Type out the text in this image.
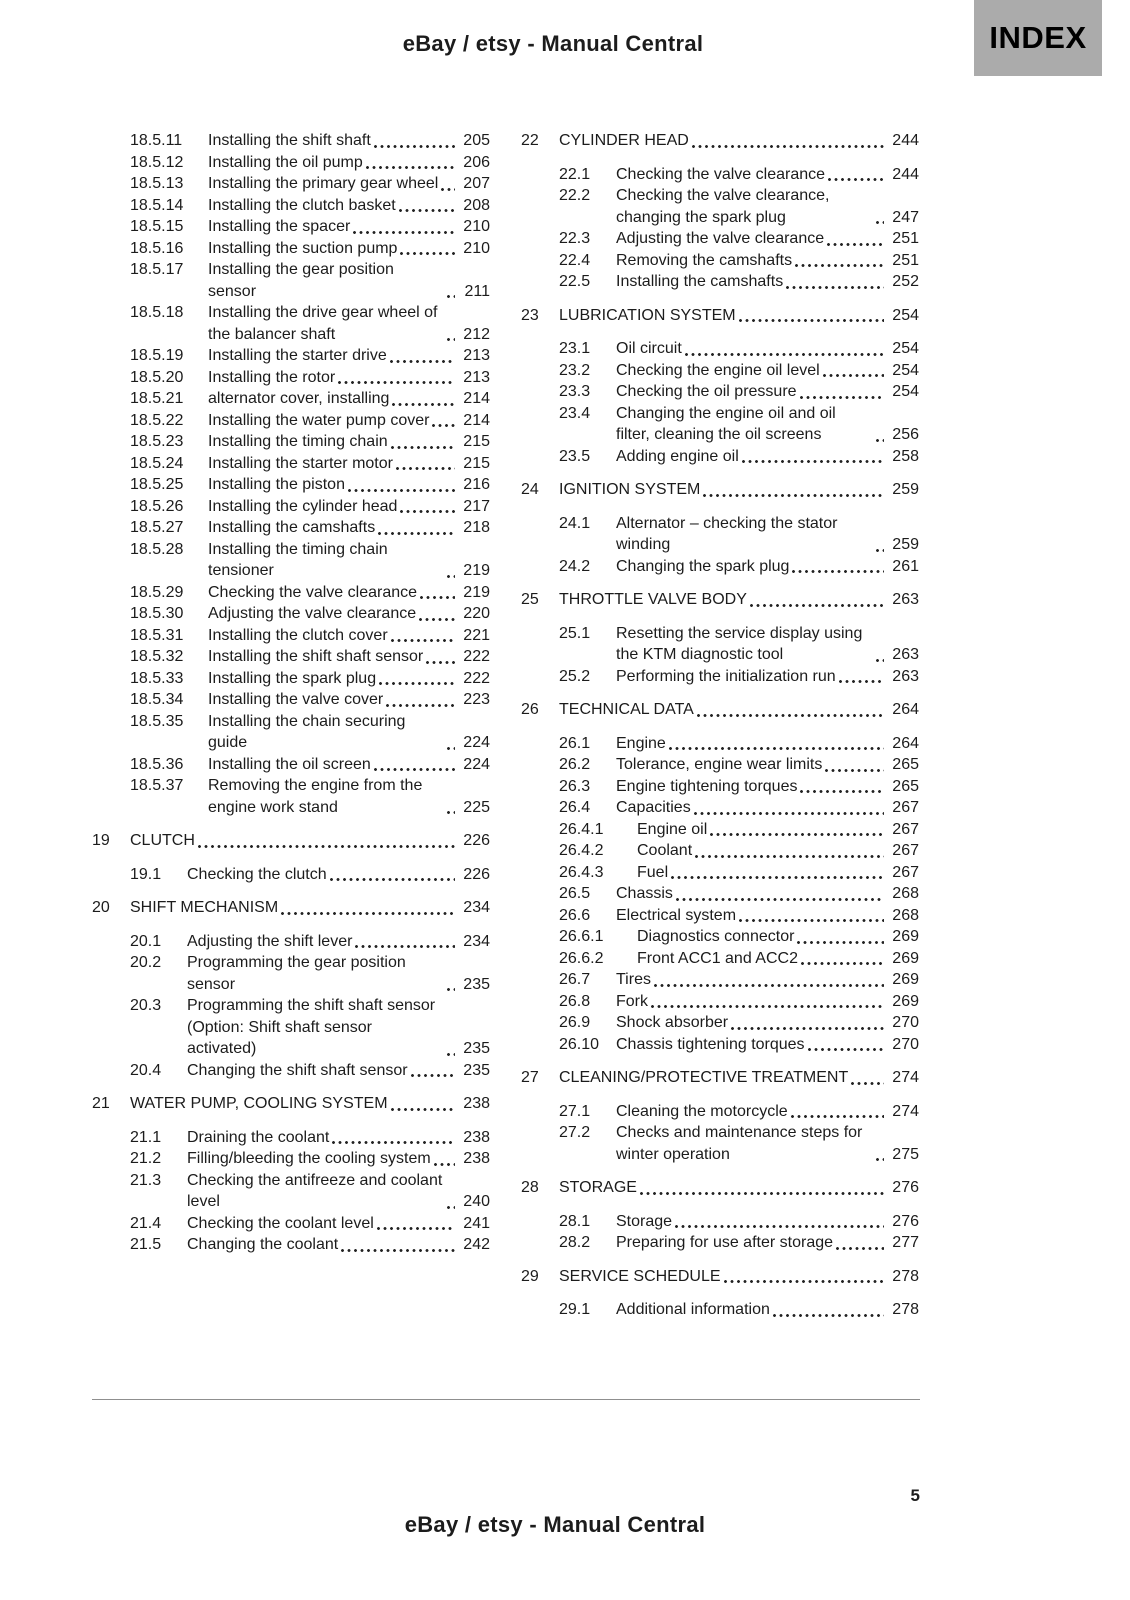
eBay / etsy - Manual Central	INDEX
18.5.11	Installing the shift shaft	205
18.5.12	Installing the oil pump	206
18.5.13	Installing the primary gear wheel	207
18.5.14	Installing the clutch basket	208
18.5.15	Installing the spacer	210
18.5.16	Installing the suction pump	210
18.5.17	Installing the gear position sensor	211
18.5.18	Installing the drive gear wheel of the balancer shaft	212
18.5.19	Installing the starter drive	213
18.5.20	Installing the rotor	213
18.5.21	alternator cover, installing	214
18.5.22	Installing the water pump cover	214
18.5.23	Installing the timing chain	215
18.5.24	Installing the starter motor	215
18.5.25	Installing the piston	216
18.5.26	Installing the cylinder head	217
18.5.27	Installing the camshafts	218
18.5.28	Installing the timing chain tensioner	219
18.5.29	Checking the valve clearance	219
18.5.30	Adjusting the valve clearance	220
18.5.31	Installing the clutch cover	221
18.5.32	Installing the shift shaft sensor	222
18.5.33	Installing the spark plug	222
18.5.34	Installing the valve cover	223
18.5.35	Installing the chain securing guide	224
18.5.36	Installing the oil screen	224
18.5.37	Removing the engine from the engine work stand	225
19	CLUTCH	226
19.1	Checking the clutch	226
20	SHIFT MECHANISM	234
20.1	Adjusting the shift lever	234
20.2	Programming the gear position sensor	235
20.3	Programming the shift shaft sensor (Option: Shift shaft sensor activated)	235
20.4	Changing the shift shaft sensor	235
21	WATER PUMP, COOLING SYSTEM	238
21.1	Draining the coolant	238
21.2	Filling/bleeding the cooling system	238
21.3	Checking the antifreeze and coolant level	240
21.4	Checking the coolant level	241
21.5	Changing the coolant	242
22	CYLINDER HEAD	244
22.1	Checking the valve clearance	244
22.2	Checking the valve clearance, changing the spark plug	247
22.3	Adjusting the valve clearance	251
22.4	Removing the camshafts	251
22.5	Installing the camshafts	252
23	LUBRICATION SYSTEM	254
23.1	Oil circuit	254
23.2	Checking the engine oil level	254
23.3	Checking the oil pressure	254
23.4	Changing the engine oil and oil filter, cleaning the oil screens	256
23.5	Adding engine oil	258
24	IGNITION SYSTEM	259
24.1	Alternator – checking the stator winding	259
24.2	Changing the spark plug	261
25	THROTTLE VALVE BODY	263
25.1	Resetting the service display using the KTM diagnostic tool	263
25.2	Performing the initialization run	263
26	TECHNICAL DATA	264
26.1	Engine	264
26.2	Tolerance, engine wear limits	265
26.3	Engine tightening torques	265
26.4	Capacities	267
26.4.1	Engine oil	267
26.4.2	Coolant	267
26.4.3	Fuel	267
26.5	Chassis	268
26.6	Electrical system	268
26.6.1	Diagnostics connector	269
26.6.2	Front ACC1 and ACC2	269
26.7	Tires	269
26.8	Fork	269
26.9	Shock absorber	270
26.10	Chassis tightening torques	270
27	CLEANING/PROTECTIVE TREATMENT	274
27.1	Cleaning the motorcycle	274
27.2	Checks and maintenance steps for winter operation	275
28	STORAGE	276
28.1	Storage	276
28.2	Preparing for use after storage	277
29	SERVICE SCHEDULE	278
29.1	Additional information	278
5
eBay / etsy - Manual Central
